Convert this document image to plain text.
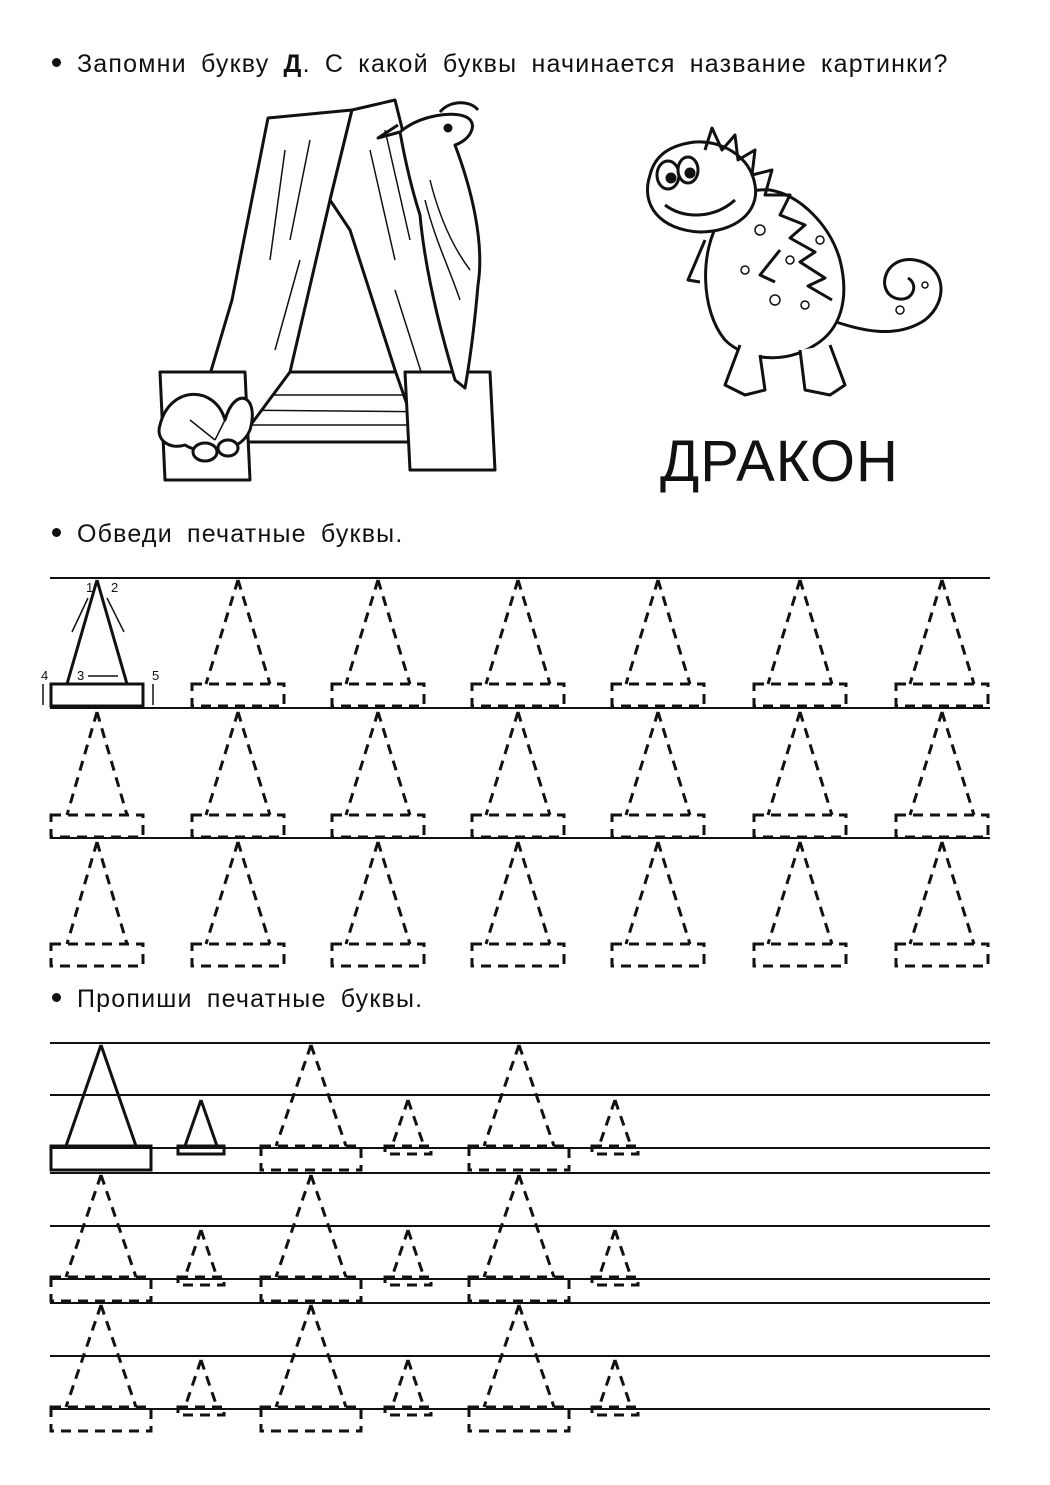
Запомни букву Д. С какой буквы начинается название картинки?
ДРАКОН
Обведи печатные буквы.
Пропиши печатные буквы.
1 2
3
4	5
